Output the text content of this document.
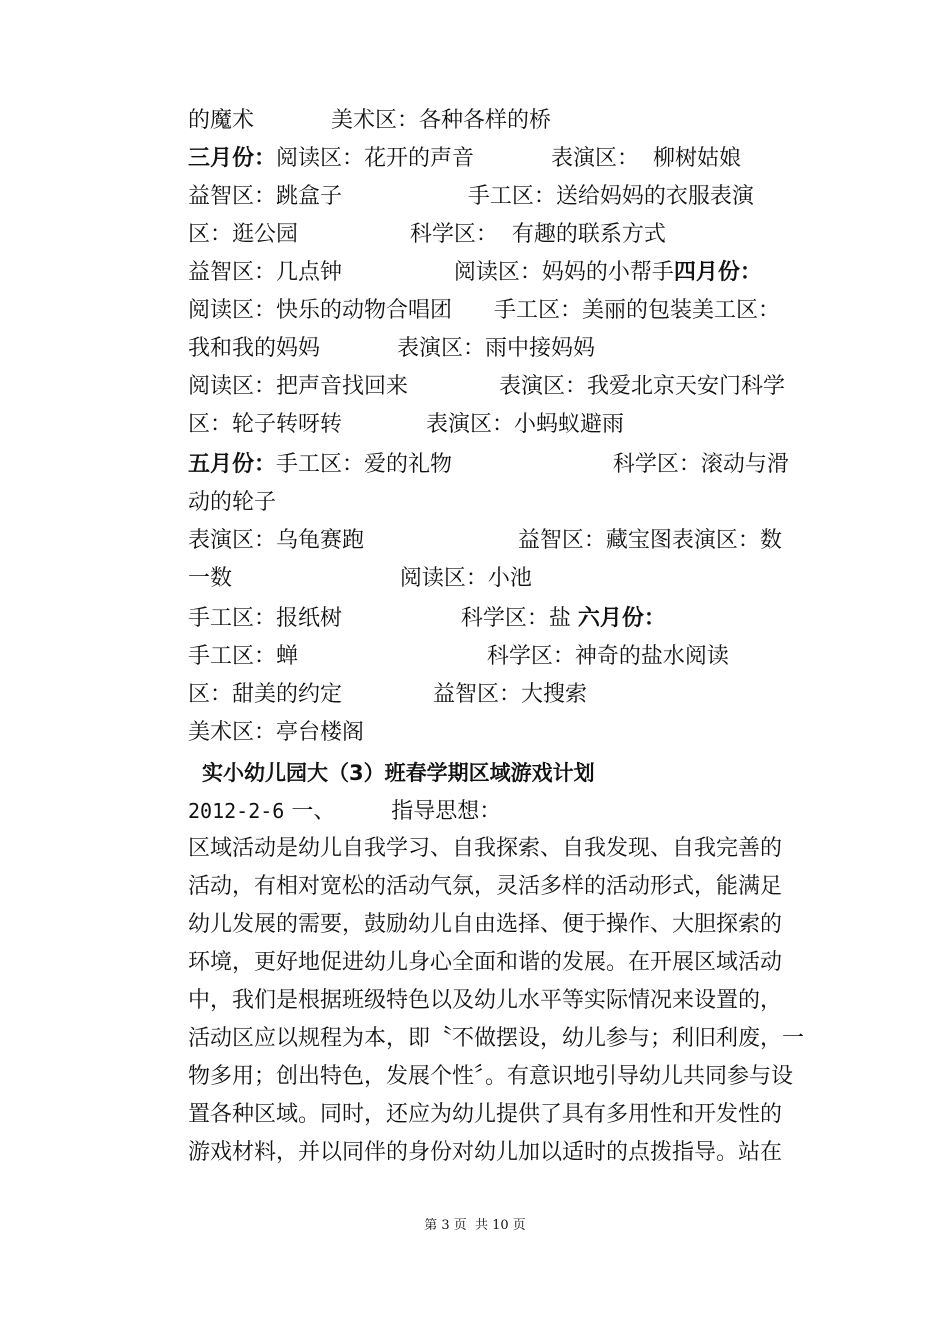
的魔术	美术区：各种各样的桥
三月份：阅读区：花开的声音	表演区：  柳树姑娘
益智区：跳盒子	手工区：送给妈妈的衣服表演
区：逛公园	科学区：  有趣的联系方式
益智区：几点钟	阅读区：妈妈的小帮手四月份：
阅读区：快乐的动物合唱团 手工区：美丽的包装美工区：
我和我的妈妈	表演区：雨中接妈妈
阅读区：把声音找回来	表演区：我爱北京天安门科学
区：轮子转呀转	表演区：小蚂蚁避雨
五月份：手工区：爱的礼物	科学区：滚动与滑
动的轮子
表演区：乌龟赛跑	益智区：藏宝图表演区：数
一数	阅读区：小池
手工区：报纸树	科学区：盐 六月份：
手工区：蝉	科学区：神奇的盐水阅读
区：甜美的约定	益智区：大搜索
美术区：亭台楼阁
实小幼儿园大（3）班春学期区域游戏计划
2012-2-6 一、	指导思想：
区域活动是幼儿自我学习、自我探索、自我发现、自我完善的
活动，有相对宽松的活动气氛，灵活多样的活动形式，能满足
幼儿发展的需要，鼓励幼儿自由选择、便于操作、大胆探索的
环境，更好地促进幼儿身心全面和谐的发展。在开展区域活动
中，我们是根据班级特色以及幼儿水平等实际情况来设置的，
活动区应以规程为本，即〝不做摆设，幼儿参与；利旧利废，一
物多用；创出特色，发展个性〞。有意识地引导幼儿共同参与设
置各种区域。同时，还应为幼儿提供了具有多用性和开发性的
游戏材料，并以同伴的身份对幼儿加以适时的点拨指导。站在
第 3 页  共 10 页
